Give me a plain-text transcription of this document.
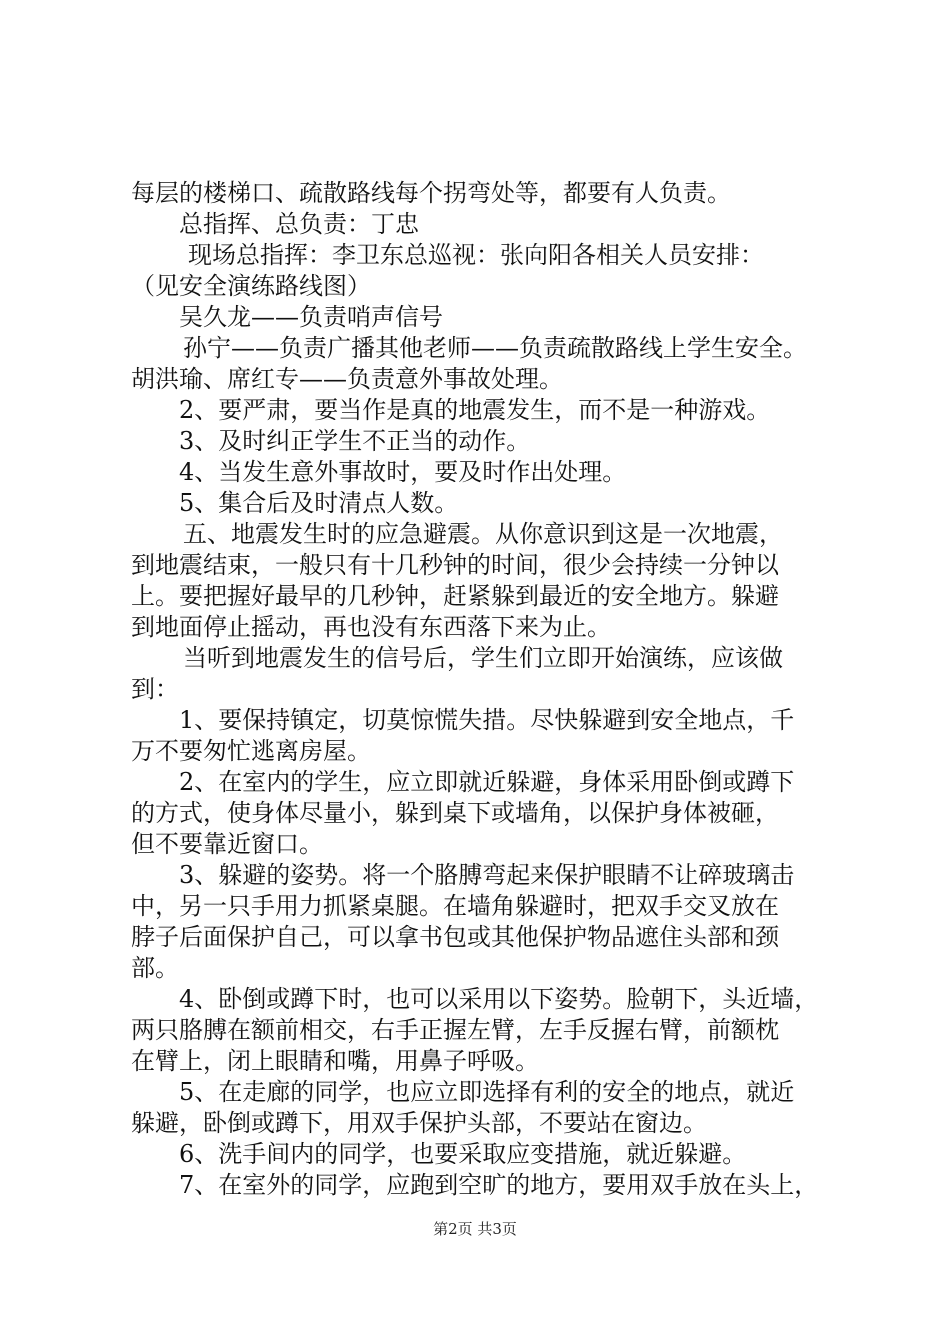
每层的楼梯口、疏散路线每个拐弯处等，都要有人负责。
总指挥、总负责：丁忠
现场总指挥：李卫东总巡视：张向阳各相关人员安排：
（见安全演练路线图）
吴久龙——负责哨声信号
孙宁——负责广播其他老师——负责疏散路线上学生安全。
胡洪瑜、席红专——负责意外事故处理。
2、要严肃，要当作是真的地震发生，而不是一种游戏。
3、及时纠正学生不正当的动作。
4、当发生意外事故时，要及时作出处理。
5、集合后及时清点人数。
五、地震发生时的应急避震。从你意识到这是一次地震，
到地震结束，一般只有十几秒钟的时间，很少会持续一分钟以
上。要把握好最早的几秒钟，赶紧躲到最近的安全地方。躲避
到地面停止摇动，再也没有东西落下来为止。
当听到地震发生的信号后，学生们立即开始演练，应该做
到：
1、要保持镇定，切莫惊慌失措。尽快躲避到安全地点，千
万不要匆忙逃离房屋。
2、在室内的学生，应立即就近躲避，身体采用卧倒或蹲下
的方式，使身体尽量小，躲到桌下或墙角，以保护身体被砸，
但不要靠近窗口。
3、躲避的姿势。将一个胳膊弯起来保护眼睛不让碎玻璃击
中，另一只手用力抓紧桌腿。在墙角躲避时，把双手交叉放在
脖子后面保护自己，可以拿书包或其他保护物品遮住头部和颈
部。
4、卧倒或蹲下时，也可以采用以下姿势。脸朝下，头近墙，
两只胳膊在额前相交，右手正握左臂，左手反握右臂，前额枕
在臂上，闭上眼睛和嘴，用鼻子呼吸。
5、在走廊的同学，也应立即选择有利的安全的地点，就近
躲避，卧倒或蹲下，用双手保护头部，不要站在窗边。
6、洗手间内的同学，也要采取应变措施，就近躲避。
7、在室外的同学，应跑到空旷的地方，要用双手放在头上，
第2页 共3页
